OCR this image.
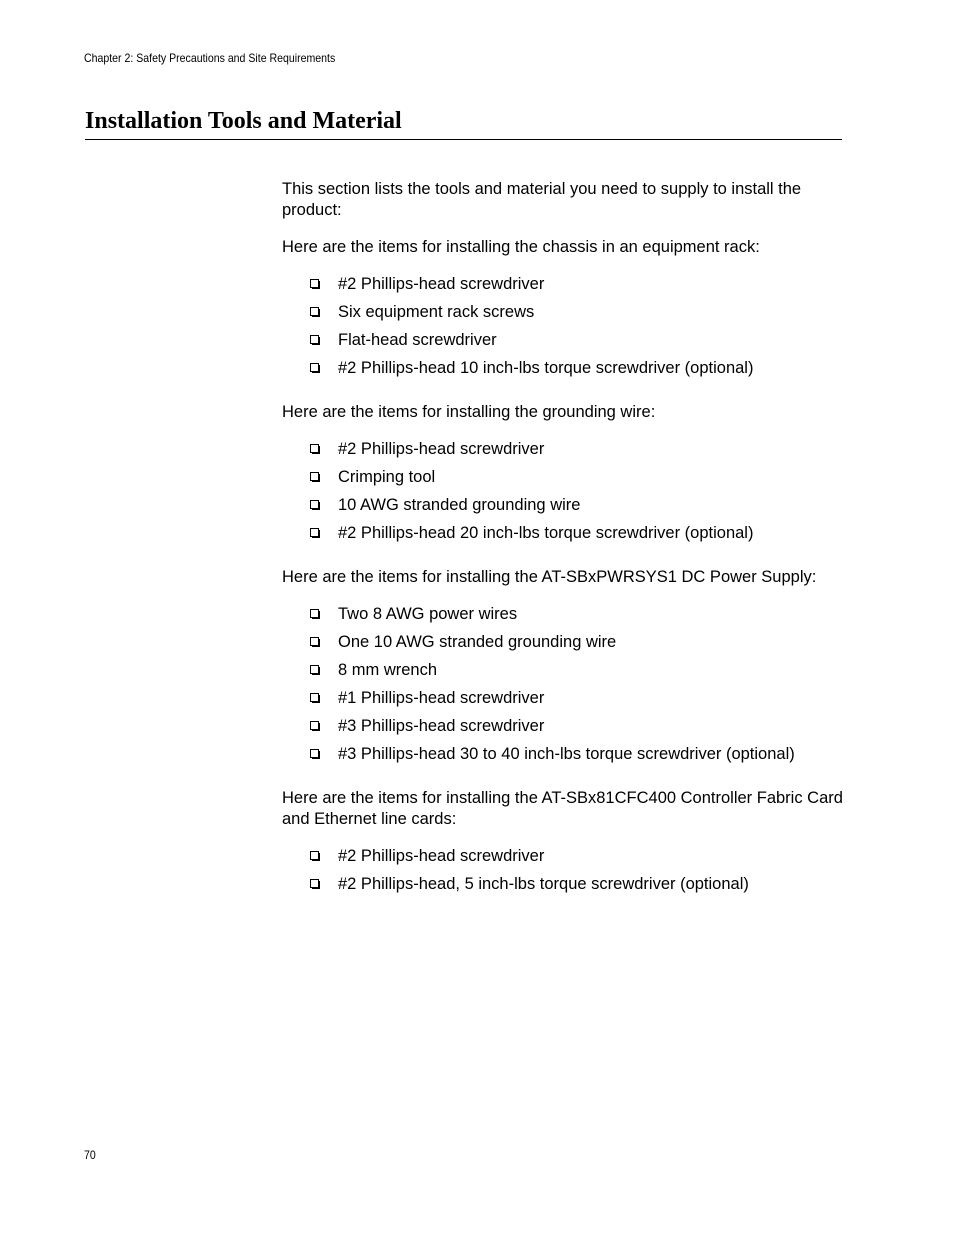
Chapter 2: Safety Precautions and Site Requirements
Installation Tools and Material

This section lists the tools and material you need to supply to install the product:

Here are the items for installing the chassis in an equipment rack:

#2 Phillips-head screwdriver
Six equipment rack screws
Flat-head screwdriver
#2 Phillips-head 10 inch-lbs torque screwdriver (optional)

Here are the items for installing the grounding wire:

#2 Phillips-head screwdriver
Crimping tool
10 AWG stranded grounding wire
#2 Phillips-head 20 inch-lbs torque screwdriver (optional)

Here are the items for installing the AT-SBxPWRSYS1 DC Power Supply:

Two 8 AWG power wires
One 10 AWG stranded grounding wire
8 mm wrench
#1 Phillips-head screwdriver
#3 Phillips-head screwdriver
#3 Phillips-head 30 to 40 inch-lbs torque screwdriver (optional)

Here are the items for installing the AT-SBx81CFC400 Controller Fabric Card and Ethernet line cards:

#2 Phillips-head screwdriver
#2 Phillips-head, 5 inch-lbs torque screwdriver (optional)
70
